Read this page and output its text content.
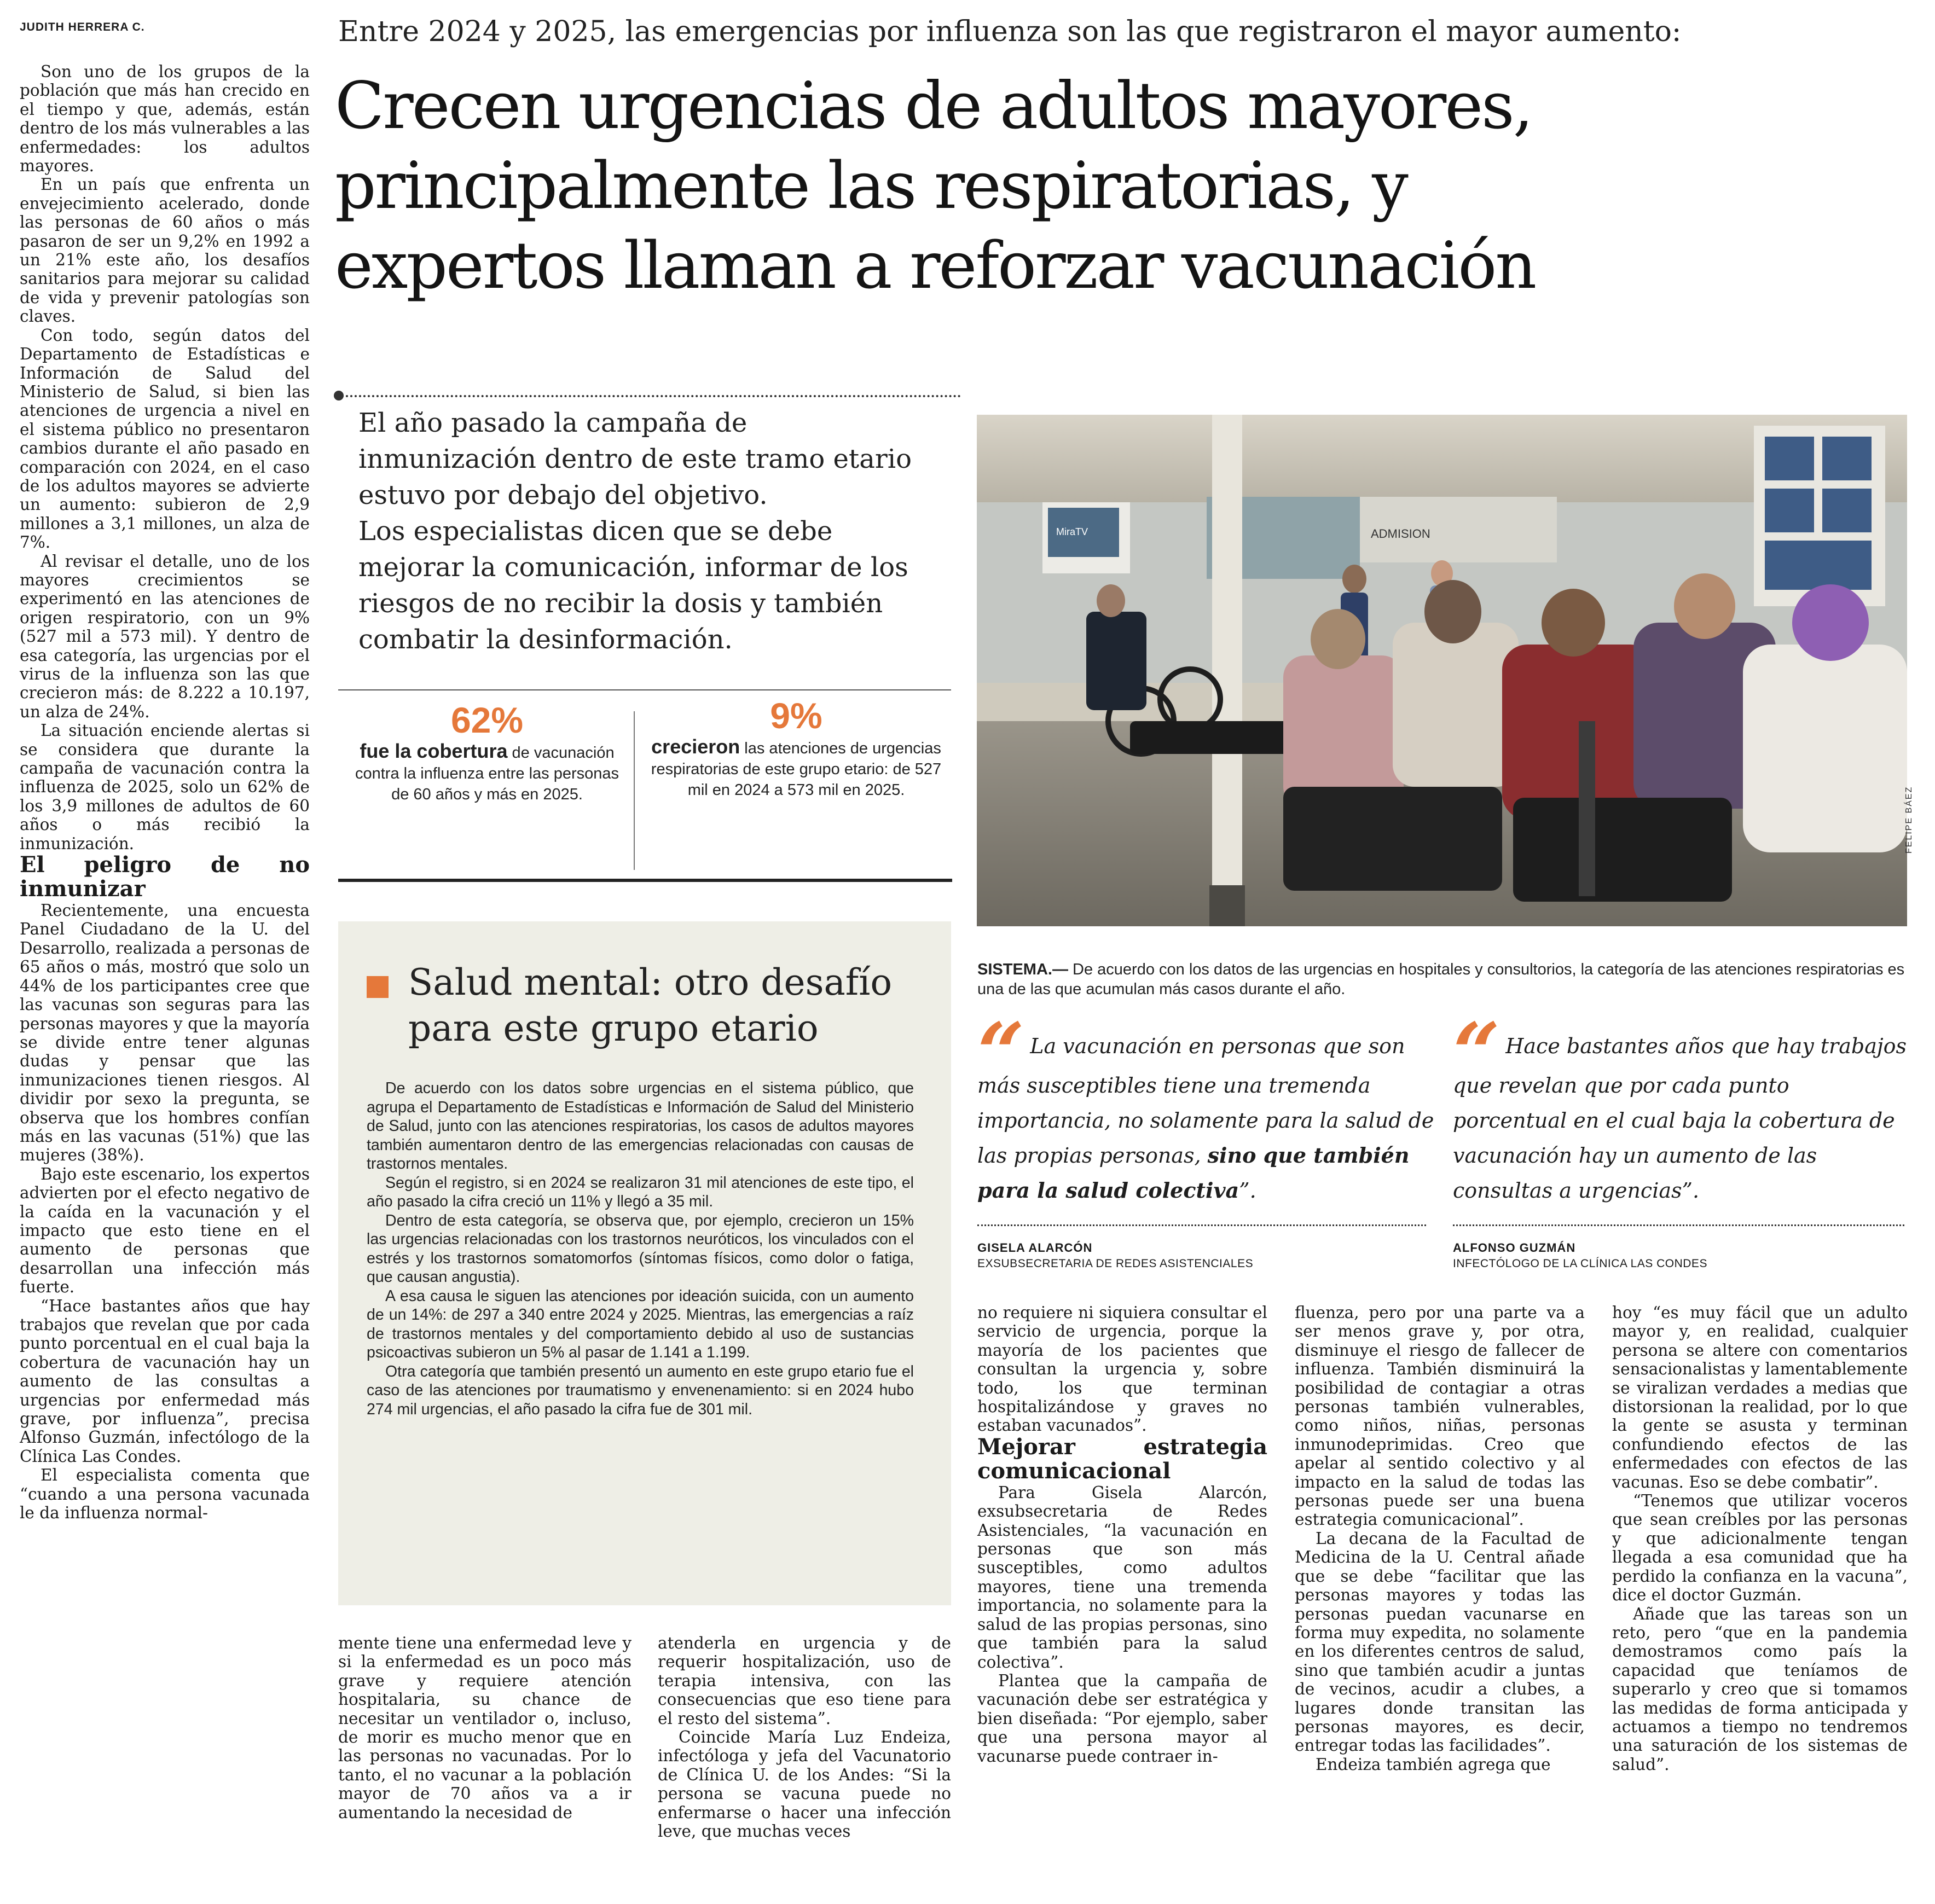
JUDITH HERRERA C.	Entre 2024 y 2025, las emergencias por influenza son las que registraron el mayor aumento:
Crecen urgencias de adultos mayores,
principalmente las respiratorias, y
expertos llaman a reforzar vacunación

Son uno de los grupos de la población que más han crecido en el tiempo y que, además, están dentro de los más vulnerables a las enfermedades: los adultos mayores.

En un país que enfrenta un envejecimiento acelerado, donde las personas de 60 años o más pasaron de ser un 9,2% en 1992 a un 21% este año, los desafíos sanitarios para mejorar su calidad de vida y prevenir patologías son claves.

Con todo, según datos del Departamento de Estadísticas e Información de Salud del Ministerio de Salud, si bien las atenciones de urgencia a nivel en el sistema público no presentaron cambios durante el año pasado en comparación con 2024, en el caso de los adultos mayores se advierte un aumento: subieron de 2,9 millones a 3,1 millones, un alza de 7%.

Al revisar el detalle, uno de los mayores crecimientos se experimentó en las atenciones de origen respiratorio, con un 9% (527 mil a 573 mil). Y dentro de esa categoría, las urgencias por el virus de la influenza son las que crecieron más: de 8.222 a 10.197, un alza de 24%.

La situación enciende alertas si se considera que durante la campaña de vacunación contra la influenza de 2025, solo un 62% de los 3,9 millones de adultos de 60 años o más recibió la inmunización.

El peligro de no inmunizar

Recientemente, una encuesta Panel Ciudadano de la U. del Desarrollo, realizada a personas de 65 años o más, mostró que solo un 44% de los participantes cree que las vacunas son seguras para las personas mayores y que la mayoría se divide entre tener algunas dudas y pensar que las inmunizaciones tienen riesgos. Al dividir por sexo la pregunta, se observa que los hombres confían más en las vacunas (51%) que las mujeres (38%).

Bajo este escenario, los expertos advierten por el efecto negativo de la caída en la vacunación y el impacto que esto tiene en el aumento de personas que desarrollan una infección más fuerte.

“Hace bastantes años que hay trabajos que revelan que por cada punto porcentual en el cual baja la cobertura de vacunación hay un aumento de las consultas a urgencias por enfermedad más grave, por influenza”, precisa Alfonso Guzmán, infectólogo de la Clínica Las Condes.

El especialista comenta que “cuando a una persona vacunada le da influenza normal-

El año pasado la campaña de
inmunización dentro de este tramo etario
estuvo por debajo del objetivo.
Los especialistas dicen que se debe
mejorar la comunicación, informar de los
riesgos de no recibir la dosis y también
combatir la desinformación.
62%
fue la cobertura de vacunación contra la influenza entre las personas de 60 años y más en 2025.
9%
crecieron las atenciones de urgencias respiratorias de este grupo etario: de 527 mil en 2024 a 573 mil en 2025.
Salud mental: otro desafío
para este grupo etario

De acuerdo con los datos sobre urgencias en el sistema público, que agrupa el Departamento de Estadísticas e Información de Salud del Ministerio de Salud, junto con las atenciones respiratorias, los casos de adultos mayores también aumentaron dentro de las emergencias relacionadas con causas de trastornos mentales.

Según el registro, si en 2024 se realizaron 31 mil atenciones de este tipo, el año pasado la cifra creció un 11% y llegó a 35 mil.

Dentro de esta categoría, se observa que, por ejemplo, crecieron un 15% las urgencias relacionadas con los trastornos neuróticos, los vinculados con el estrés y los trastornos somatomorfos (síntomas físicos, como dolor o fatiga, que causan angustia).

A esa causa le siguen las atenciones por ideación suicida, con un aumento de un 14%: de 297 a 340 entre 2024 y 2025. Mientras, las emergencias a raíz de trastornos mentales y del comportamiento debido al uso de sustancias psicoactivas subieron un 5% al pasar de 1.141 a 1.199.

Otra categoría que también presentó un aumento en este grupo etario fue el caso de las atenciones por traumatismo y envenenamiento: si en 2024 hubo 274 mil urgencias, el año pasado la cifra fue de 301 mil.

mente tiene una enfermedad leve y si la enfermedad es un poco más grave y requiere atención hospitalaria, su chance de necesitar un ventilador o, incluso, de morir es mucho menor que en las personas no vacunadas. Por lo tanto, el no vacunar a la población mayor de 70 años va a ir aumentando la necesidad de

atenderla en urgencia y de requerir hospitalización, uso de terapia intensiva, con las consecuencias que eso tiene para el resto del sistema”.

Coincide María Luz Endeiza, infectóloga y jefa del Vacunatorio de Clínica U. de los Andes: “Si la persona se vacuna puede no enfermarse o hacer una infección leve, que muchas veces

ADMISION
MiraTV
FELIPE BÁEZ
SISTEMA.— De acuerdo con los datos de las urgencias en hospitales y consultorios, la categoría de las atenciones respiratorias es una de las que acumulan más casos durante el año.
“ La vacunación en personas que son más susceptibles tiene una tremenda importancia, no solamente para la salud de las propias personas, sino que también para la salud colectiva”.
GISELA ALARCÓN
EXSUBSECRETARIA DE REDES ASISTENCIALES
“ Hace bastantes años que hay trabajos que revelan que por cada punto porcentual en el cual baja la cobertura de vacunación hay un aumento de las consultas a urgencias”.
ALFONSO GUZMÁN
INFECTÓLOGO DE LA CLÍNICA LAS CONDES

no requiere ni siquiera consultar el servicio de urgencia, porque la mayoría de los pacientes que consultan la urgencia y, sobre todo, los que terminan hospitalizándose y graves no estaban vacunados”.

Mejorar estrategia comunicacional

Para Gisela Alarcón, exsubsecretaria de Redes Asistenciales, “la vacunación en personas que son más susceptibles, como adultos mayores, tiene una tremenda importancia, no solamente para la salud de las propias personas, sino que también para la salud colectiva”.

Plantea que la campaña de vacunación debe ser estratégica y bien diseñada: “Por ejemplo, saber que una persona mayor al vacunarse puede contraer in-

fluenza, pero por una parte va a ser menos grave y, por otra, disminuye el riesgo de fallecer de influenza. También disminuirá la posibilidad de contagiar a otras personas también vulnerables, como niños, niñas, personas inmunodeprimidas. Creo que apelar al sentido colectivo y al impacto en la salud de todas las personas puede ser una buena estrategia comunicacional”.

La decana de la Facultad de Medicina de la U. Central añade que se debe “facilitar que las personas mayores y todas las personas puedan vacunarse en forma muy expedita, no solamente en los diferentes centros de salud, sino que también acudir a juntas de vecinos, acudir a clubes, a lugares donde transitan las personas mayores, es decir, entregar todas las facilidades”.

Endeiza también agrega que

hoy “es muy fácil que un adulto mayor y, en realidad, cualquier persona se altere con comentarios sensacionalistas y lamentablemente se viralizan verdades a medias que distorsionan la realidad, por lo que la gente se asusta y terminan confundiendo efectos de las enfermedades con efectos de las vacunas. Eso se debe combatir”.

“Tenemos que utilizar voceros que sean creíbles por las personas y que adicionalmente tengan llegada a esa comunidad que ha perdido la confianza en la vacuna”, dice el doctor Guzmán.

Añade que las tareas son un reto, pero “que en la pandemia demostramos como país la capacidad que teníamos de superarlo y creo que si tomamos las medidas de forma anticipada y actuamos a tiempo no tendremos una saturación de los sistemas de salud”.
